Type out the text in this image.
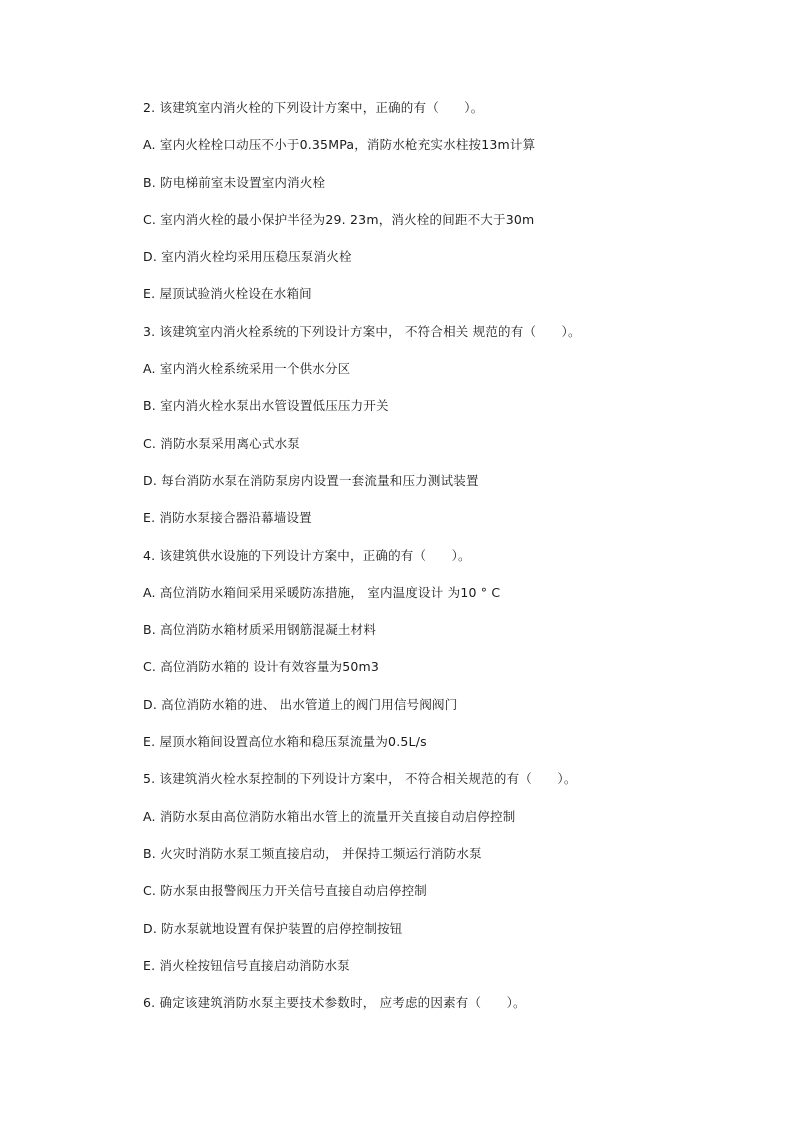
2. 该建筑室内消火栓的下列设计方案中，正确的有（　　）。
A. 室内火栓栓口动压不小于0.35MPa，消防水枪充实水柱按13m计算
B. 防电梯前室未设置室内消火栓
C. 室内消火栓的最小保护半径为29. 23m，消火栓的间距不大于30m
D. 室内消火栓均采用压稳压泵消火栓
E. 屋顶试验消火栓设在水箱间
3. 该建筑室内消火栓系统的下列设计方案中， 不符合相关 规范的有（　　）。
A. 室内消火栓系统采用一个供水分区
B. 室内消火栓水泵出水管设置低压压力开关
C. 消防水泵采用离心式水泵
D. 每台消防水泵在消防泵房内设置一套流量和压力测试装置
E. 消防水泵接合器沿幕墙设置
4. 该建筑供水设施的下列设计方案中，正确的有（　　）。
A. 高位消防水箱间采用采暖防冻措施， 室内温度设计 为10 ° C
B. 高位消防水箱材质采用钢筋混凝土材料
C. 高位消防水箱的 设计有效容量为50m3
D. 高位消防水箱的进、 出水管道上的阀门用信号阀阀门
E. 屋顶水箱间设置高位水箱和稳压泵流量为0.5L/s
5. 该建筑消火栓水泵控制的下列设计方案中， 不符合相关规范的有（　　）。
A. 消防水泵由高位消防水箱出水管上的流量开关直接自动启停控制
B. 火灾时消防水泵工频直接启动， 并保持工频运行消防水泵
C. 防水泵由报警阀压力开关信号直接自动启停控制
D. 防水泵就地设置有保护装置的启停控制按钮
E. 消火栓按钮信号直接启动消防水泵
6. 确定该建筑消防水泵主要技术参数时， 应考虑的因素有（　　）。
